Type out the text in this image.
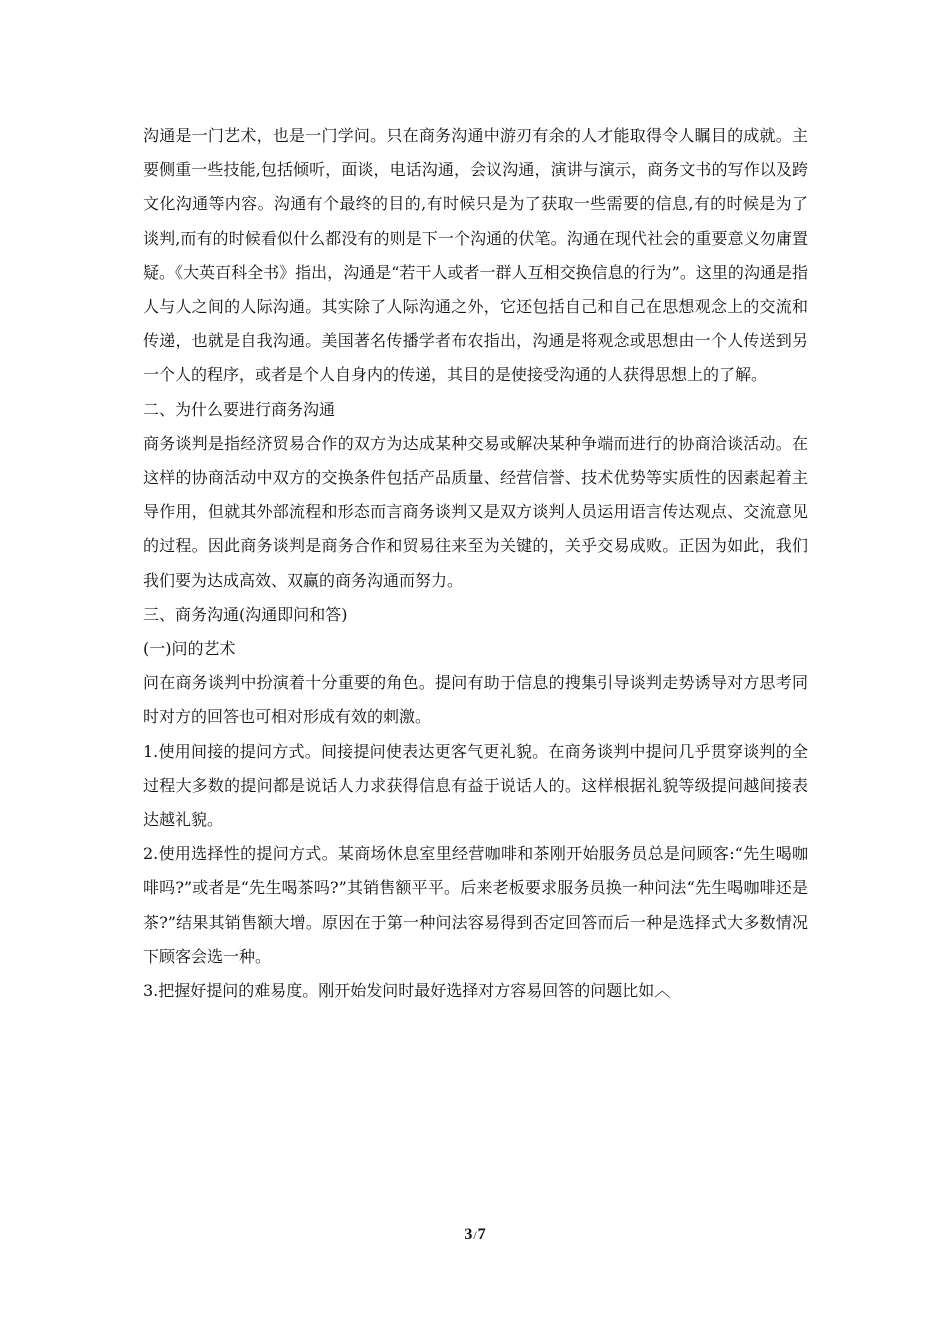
沟通是一门艺术，也是一门学问。只在商务沟通中游刃有余的人才能取得令人瞩目的成就。主要侧重一些技能,包括倾听，面谈，电话沟通，会议沟通，演讲与演示，商务文书的写作以及跨文化沟通等内容。沟通有个最终的目的,有时候只是为了获取一些需要的信息,有的时候是为了谈判,而有的时候看似什么都没有的则是下一个沟通的伏笔。沟通在现代社会的重要意义勿庸置疑。《大英百科全书》指出，沟通是“若干人或者一群人互相交换信息的行为”。这里的沟通是指人与人之间的人际沟通。其实除了人际沟通之外，它还包括自己和自己在思想观念上的交流和传递，也就是自我沟通。美国著名传播学者布农指出，沟通是将观念或思想由一个人传送到另一个人的程序，或者是个人自身内的传递，其目的是使接受沟通的人获得思想上的了解。

二、为什么要进行商务沟通

商务谈判是指经济贸易合作的双方为达成某种交易或解决某种争端而进行的协商洽谈活动。在这样的协商活动中双方的交换条件包括产品质量、经营信誉、技术优势等实质性的因素起着主导作用，但就其外部流程和形态而言商务谈判又是双方谈判人员运用语言传达观点、交流意见的过程。因此商务谈判是商务合作和贸易往来至为关键的，关乎交易成败。正因为如此，我们我们要为达成高效、双赢的商务沟通而努力。

三、商务沟通(沟通即问和答)

(一)问的艺术

问在商务谈判中扮演着十分重要的角色。提问有助于信息的搜集引导谈判走势诱导对方思考同时对方的回答也可相对形成有效的刺激。

1.使用间接的提问方式。间接提问使表达更客气更礼貌。在商务谈判中提问几乎贯穿谈判的全过程大多数的提问都是说话人力求获得信息有益于说话人的。这样根据礼貌等级提问越间接表达越礼貌。

2.使用选择性的提问方式。某商场休息室里经营咖啡和茶刚开始服务员总是问顾客:“先生喝咖啡吗?”或者是“先生喝茶吗?”其销售额平平。后来老板要求服务员换一种问法“先生喝咖啡还是茶?”结果其销售额大增。原因在于第一种问法容易得到否定回答而后一种是选择式大多数情况下顾客会选一种。

3.把握好提问的难易度。刚开始发问时最好选择对方容易回答的问题比如︿

3/7
